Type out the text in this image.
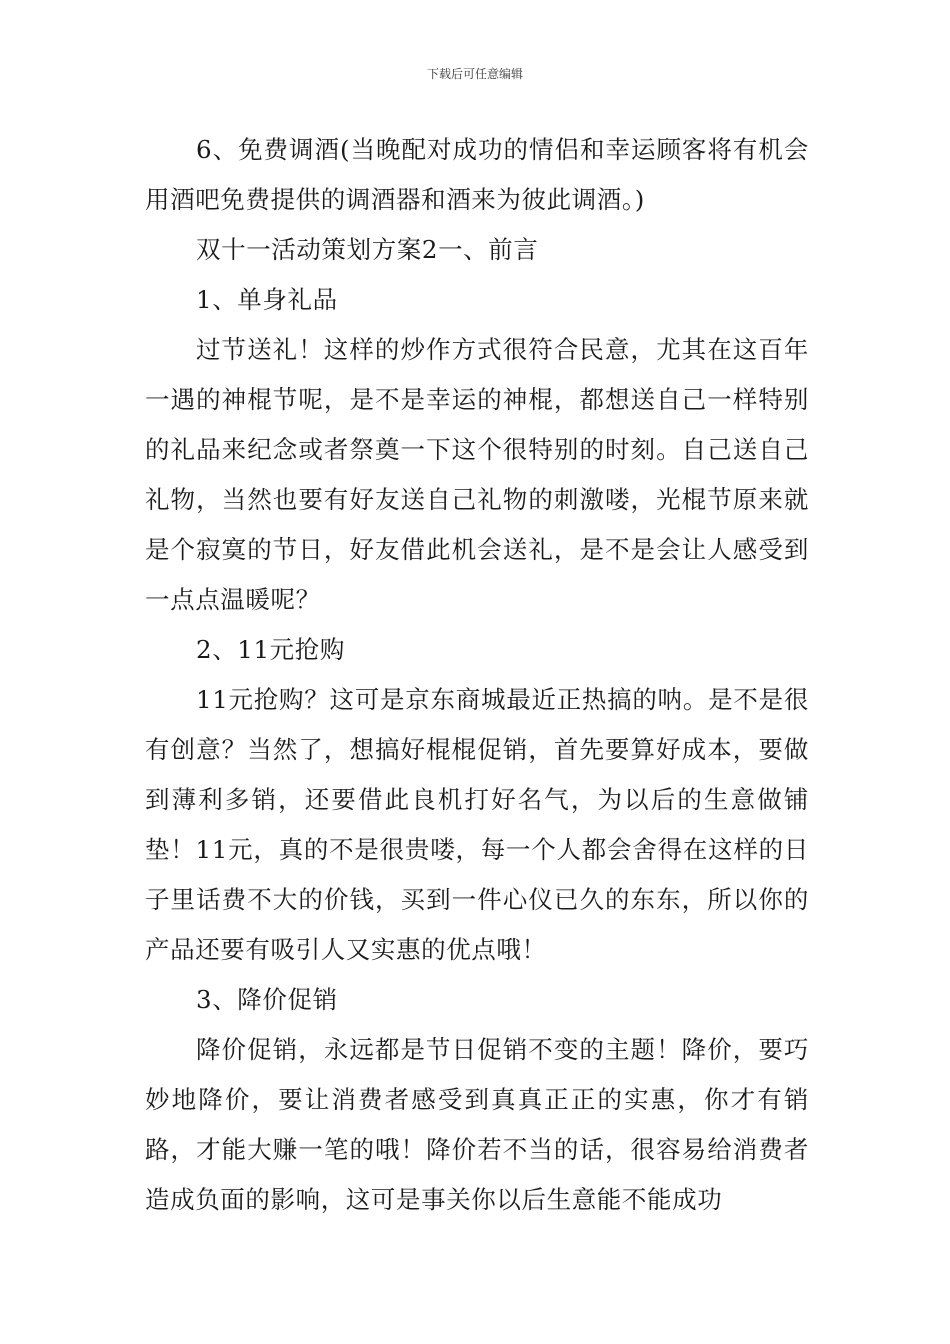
下载后可任意编辑

6、免费调酒(当晚配对成功的情侣和幸运顾客将有机会用酒吧免费提供的调酒器和酒来为彼此调酒。)

双十一活动策划方案2一、前言

1、单身礼品

过节送礼！这样的炒作方式很符合民意，尤其在这百年一遇的神棍节呢，是不是幸运的神棍，都想送自己一样特别的礼品来纪念或者祭奠一下这个很特别的时刻。自己送自己礼物，当然也要有好友送自己礼物的刺激喽，光棍节原来就是个寂寞的节日，好友借此机会送礼，是不是会让人感受到一点点温暖呢？

2、11元抢购

11元抢购？这可是京东商城最近正热搞的呐。是不是很有创意？当然了，想搞好棍棍促销，首先要算好成本，要做到薄利多销，还要借此良机打好名气，为以后的生意做铺垫！11元，真的不是很贵喽，每一个人都会舍得在这样的日子里话费不大的价钱，买到一件心仪已久的东东，所以你的产品还要有吸引人又实惠的优点哦！

3、降价促销

降价促销，永远都是节日促销不变的主题！降价，要巧妙地降价，要让消费者感受到真真正正的实惠，你才有销路，才能大赚一笔的哦！降价若不当的话，很容易给消费者造成负面的影响，这可是事关你以后生意能不能成功
